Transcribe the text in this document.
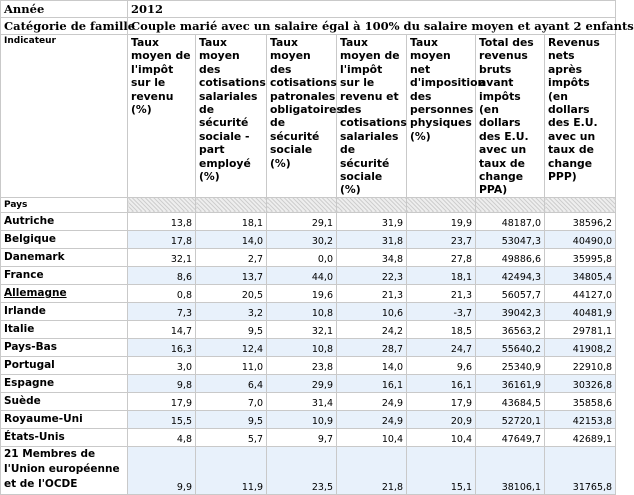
Année	2012						
Catégorie de famille	Couple marié avec un salaire égal à 100% du salaire moyen et ayant 2 enfants						
Indicateur	Taux moyen de l'impôt sur le revenu (%)	Taux moyen des cotisations salariales de sécurité sociale - part employé (%)	Taux moyen des cotisations patronales obligatoires de sécurité sociale (%)	Taux moyen de l'impôt sur le revenu et des cotisations salariales de sécurité sociale (%)	Taux moyen net d'imposition des personnes physiques (%)	Total des revenus bruts avant impôts (en dollars des E.U. avec un taux de change PPA)	Revenus nets après impôts (en dollars des E.U. avec un taux de change PPP)
Pays							
Autriche	13,8	18,1	29,1	31,9	19,9	48187,0	38596,2
Belgique	17,8	14,0	30,2	31,8	23,7	53047,3	40490,0
Danemark	32,1	2,7	0,0	34,8	27,8	49886,6	35995,8
France	8,6	13,7	44,0	22,3	18,1	42494,3	34805,4
Allemagne	0,8	20,5	19,6	21,3	21,3	56057,7	44127,0
Irlande	7,3	3,2	10,8	10,6	-3,7	39042,3	40481,9
Italie	14,7	9,5	32,1	24,2	18,5	36563,2	29781,1
Pays-Bas	16,3	12,4	10,8	28,7	24,7	55640,2	41908,2
Portugal	3,0	11,0	23,8	14,0	9,6	25340,9	22910,8
Espagne	9,8	6,4	29,9	16,1	16,1	36161,9	30326,8
Suède	17,9	7,0	31,4	24,9	17,9	43684,5	35858,6
Royaume-Uni	15,5	9,5	10,9	24,9	20,9	52720,1	42153,8
États-Unis	4,8	5,7	9,7	10,4	10,4	47649,7	42689,1
21 Membres de l'Union européenne et de l'OCDE	9,9	11,9	23,5	21,8	15,1	38106,1	31765,8
